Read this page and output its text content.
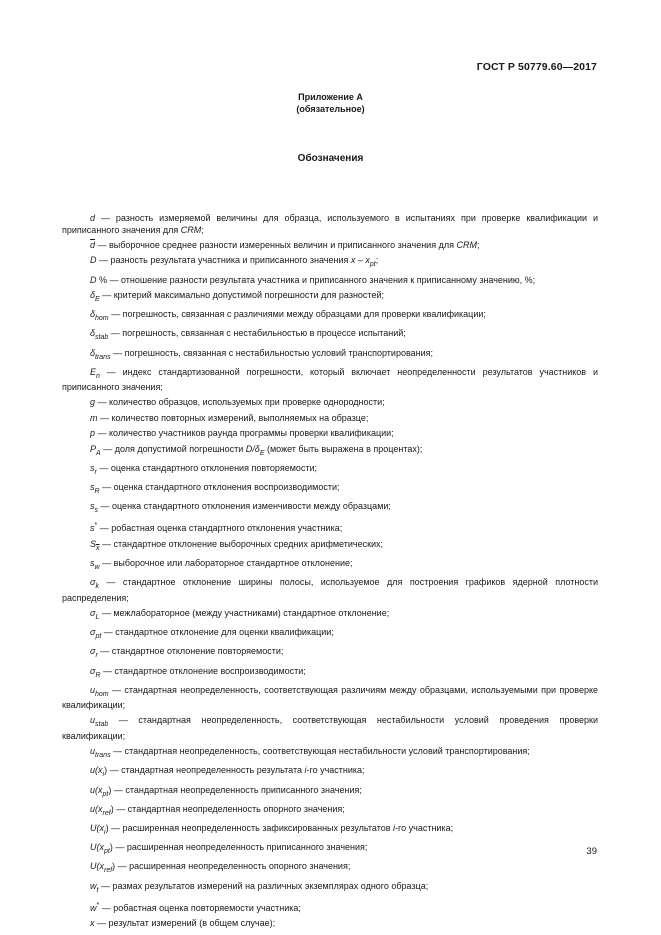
ГОСТ Р 50779.60—2017
Приложение А
(обязательное)
Обозначения

d — разность измеряемой величины для образца, используемого в испытаниях при проверке квалификации и приписанного значения для CRM;

$\overline{d}$ — выборочное среднее разности измеренных величин и приписанного значения для CRM;

D — разность результата участника и приписанного значения x – $x_{pt}$;

D % — отношение разности результата участника и приписанного значения к приписанному значению, %;

$\delta_E$ — критерий максимально допустимой погрешности для разностей;

$\delta_{hom}$ — погрешность, связанная с различиями между образцами для проверки квалификации;

$\delta_{stab}$ — погрешность, связанная с нестабильностью в процессе испытаний;

$\delta_{trans}$ — погрешность, связанная с нестабильностью условий транспортирования;

$E_n$ — индекс стандартизованной погрешности, который включает неопределенности результатов участников и приписанного значения;

g — количество образцов, используемых при проверке однородности;

m — количество повторных измерений, выполняемых на образце;

p — количество участников раунда программы проверки квалификации;

$P_A$ — доля допустимой погрешности $D/\delta_E$ (может быть выражена в процентах);

$s_r$ — оценка стандартного отклонения повторяемости;

$s_R$ — оценка стандартного отклонения воспроизводимости;

$s_s$ — оценка стандартного отклонения изменчивости между образцами;

s* — робастная оценка стандартного отклонения участника;

$S_{\overline{x}}$ — стандартное отклонение выборочных средних арифметических;

$s_w$ — выборочное или лабораторное стандартное отклонение;

$\sigma_k$ — стандартное отклонение ширины полосы, используемое для построения графиков ядерной плотности распределения;

$\sigma_L$ — межлабораторное (между участниками) стандартное отклонение;

$\sigma_{pt}$ — стандартное отклонение для оценки квалификации;

$\sigma_r$ — стандартное отклонение повторяемости;

$\sigma_R$ — стандартное отклонение воспроизводимости;

$u_{hom}$ — стандартная неопределенность, соответствующая различиям между образцами, используемыми при проверке квалификации;

$u_{stab}$ — стандартная неопределенность, соответствующая нестабильности условий проведения проверки квалификации;

$u_{trans}$ — стандартная неопределенность, соответствующая нестабильности условий транспортирования;

$u(x_i)$ — стандартная неопределенность результата i-го участника;

$u(x_{pt})$ — стандартная неопределенность приписанного значения;

$u(x_{ref})$ — стандартная неопределенность опорного значения;

$U(x_i)$ — расширенная неопределенность зафиксированных результатов i-го участника;

$U(x_{pt})$ — расширенная неопределенность приписанного значения;

$U(x_{ref})$ — расширенная неопределенность опорного значения;

$w_t$ — размах результатов измерений на различных экземплярах одного образца;

w* — робастная оценка повторяемости участника;

x — результат измерений (в общем случае);

39
